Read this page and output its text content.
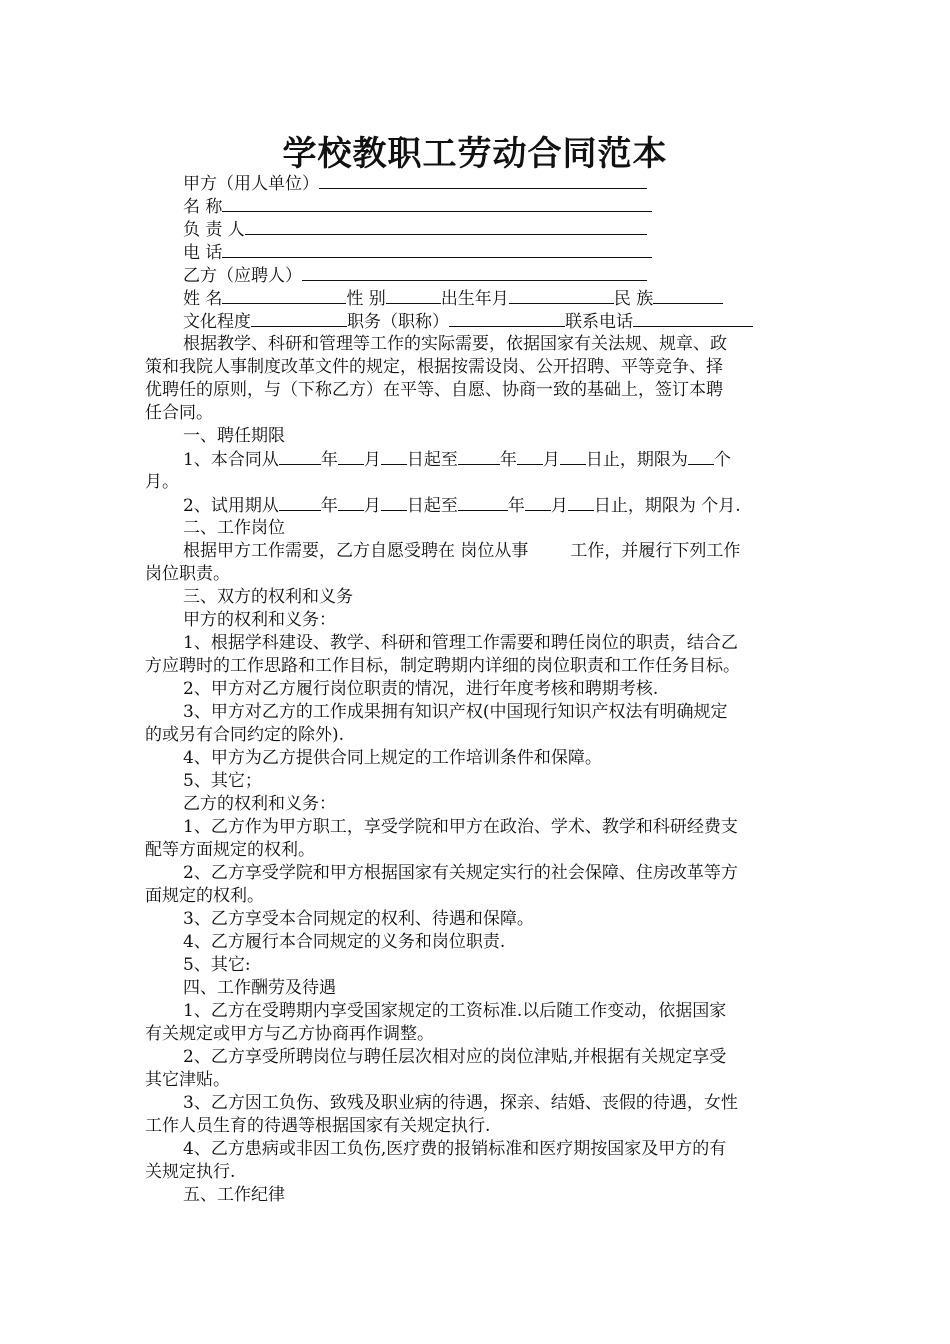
学校教职工劳动合同范本
甲方（用人单位）
名 称
负 责 人
电 话
乙方（应聘人）
姓 名	性 别	出生年月	民 族
文化程度	职务（职称）	联系电话
根据教学、科研和管理等工作的实际需要，依据国家有关法规、规章、政
策和我院人事制度改革文件的规定，根据按需设岗、公开招聘、平等竞争、择
优聘任的原则，与（下称乙方）在平等、自愿、协商一致的基础上，签订本聘
任合同。
一、聘任期限
1、本合同从 年 月 日起至 年 月 日止，期限为 个
月。
2、试用期从 年 月 日起至	年 月 日止，期限为 个月.
二、工作岗位
根据甲方工作需要，乙方自愿受聘在 岗位从事 工作，并履行下列工作
岗位职责。
三、双方的权利和义务
甲方的权利和义务：
1、根据学科建设、教学、科研和管理工作需要和聘任岗位的职责，结合乙
方应聘时的工作思路和工作目标，制定聘期内详细的岗位职责和工作任务目标。
2、甲方对乙方履行岗位职责的情况，进行年度考核和聘期考核.
3、甲方对乙方的工作成果拥有知识产权(中国现行知识产权法有明确规定
的或另有合同约定的除外).
4、甲方为乙方提供合同上规定的工作培训条件和保障。
5、其它；
乙方的权利和义务：
1、乙方作为甲方职工，享受学院和甲方在政治、学术、教学和科研经费支
配等方面规定的权利。
2、乙方享受学院和甲方根据国家有关规定实行的社会保障、住房改革等方
面规定的权利。
3、乙方享受本合同规定的权利、待遇和保障。
4、乙方履行本合同规定的义务和岗位职责.
5、其它:
四、工作酬劳及待遇
1、乙方在受聘期内享受国家规定的工资标准.以后随工作变动，依据国家
有关规定或甲方与乙方协商再作调整。
2、乙方享受所聘岗位与聘任层次相对应的岗位津贴,并根据有关规定享受
其它津贴。
3、乙方因工负伤、致残及职业病的待遇，探亲、结婚、丧假的待遇，女性
工作人员生育的待遇等根据国家有关规定执行.
4、乙方患病或非因工负伤,医疗费的报销标准和医疗期按国家及甲方的有
关规定执行.
五、工作纪律
